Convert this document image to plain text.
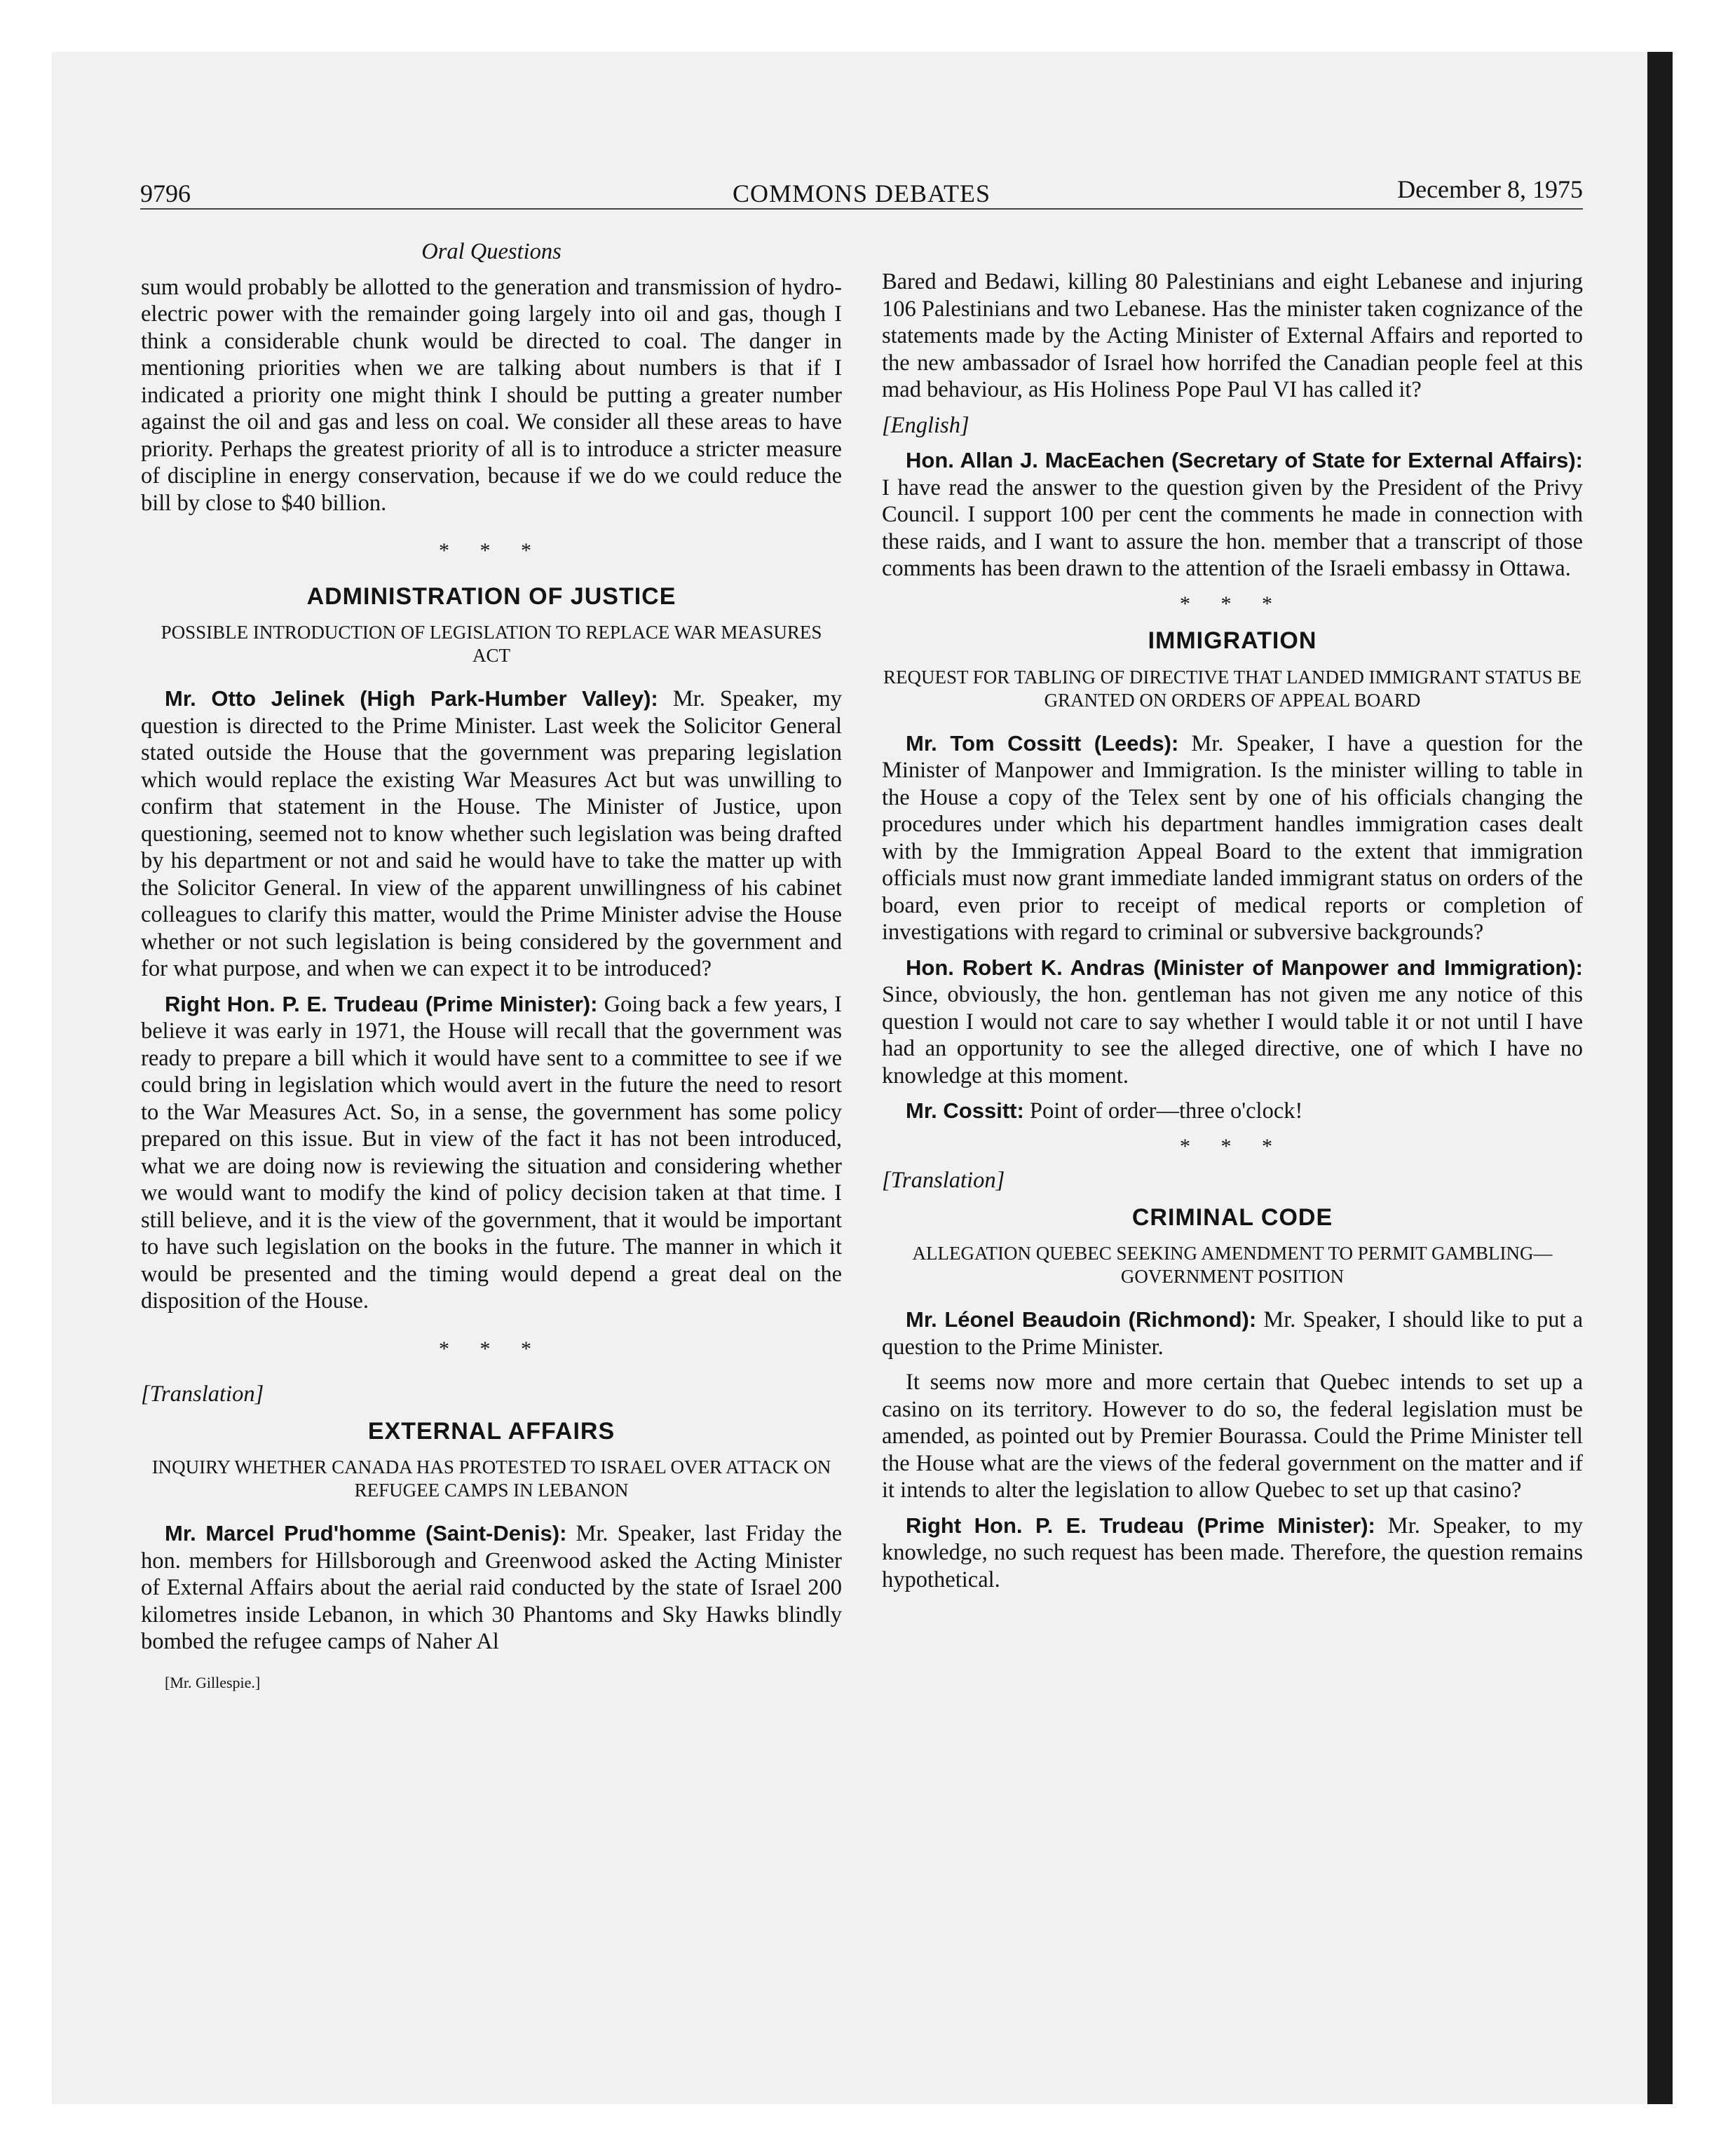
9796	COMMONS DEBATES	December 8, 1975

Oral Questions

sum would probably be allotted to the generation and transmission of hydro-electric power with the remainder going largely into oil and gas, though I think a considerable chunk would be directed to coal. The danger in mentioning priorities when we are talking about numbers is that if I indicated a priority one might think I should be putting a greater number against the oil and gas and less on coal. We consider all these areas to have priority. Perhaps the greatest priority of all is to introduce a stricter measure of discipline in energy conservation, because if we do we could reduce the bill by close to $40 billion.

* * *
ADMINISTRATION OF JUSTICE
POSSIBLE INTRODUCTION OF LEGISLATION TO REPLACE WAR MEASURES ACT

Mr. Otto Jelinek (High Park-Humber Valley): Mr. Speaker, my question is directed to the Prime Minister. Last week the Solicitor General stated outside the House that the government was preparing legislation which would replace the existing War Measures Act but was unwilling to confirm that statement in the House. The Minister of Justice, upon questioning, seemed not to know whether such legislation was being drafted by his department or not and said he would have to take the matter up with the Solicitor General. In view of the apparent unwillingness of his cabinet colleagues to clarify this matter, would the Prime Minister advise the House whether or not such legislation is being considered by the government and for what purpose, and when we can expect it to be introduced?

Right Hon. P. E. Trudeau (Prime Minister): Going back a few years, I believe it was early in 1971, the House will recall that the government was ready to prepare a bill which it would have sent to a committee to see if we could bring in legislation which would avert in the future the need to resort to the War Measures Act. So, in a sense, the government has some policy prepared on this issue. But in view of the fact it has not been introduced, what we are doing now is reviewing the situation and considering whether we would want to modify the kind of policy decision taken at that time. I still believe, and it is the view of the government, that it would be important to have such legislation on the books in the future. The manner in which it would be presented and the timing would depend a great deal on the disposition of the House.

* * *

[Translation]

EXTERNAL AFFAIRS
INQUIRY WHETHER CANADA HAS PROTESTED TO ISRAEL OVER ATTACK ON REFUGEE CAMPS IN LEBANON

Mr. Marcel Prud'homme (Saint-Denis): Mr. Speaker, last Friday the hon. members for Hillsborough and Greenwood asked the Acting Minister of External Affairs about the aerial raid conducted by the state of Israel 200 kilometres inside Lebanon, in which 30 Phantoms and Sky Hawks blindly bombed the refugee camps of Naher Al

[Mr. Gillespie.]

Bared and Bedawi, killing 80 Palestinians and eight Lebanese and injuring 106 Palestinians and two Lebanese. Has the minister taken cognizance of the statements made by the Acting Minister of External Affairs and reported to the new ambassador of Israel how horrifed the Canadian people feel at this mad behaviour, as His Holiness Pope Paul VI has called it?

[English]

Hon. Allan J. MacEachen (Secretary of State for External Affairs): I have read the answer to the question given by the President of the Privy Council. I support 100 per cent the comments he made in connection with these raids, and I want to assure the hon. member that a transcript of those comments has been drawn to the attention of the Israeli embassy in Ottawa.

* * *
IMMIGRATION
REQUEST FOR TABLING OF DIRECTIVE THAT LANDED IMMIGRANT STATUS BE GRANTED ON ORDERS OF APPEAL BOARD

Mr. Tom Cossitt (Leeds): Mr. Speaker, I have a question for the Minister of Manpower and Immigration. Is the minister willing to table in the House a copy of the Telex sent by one of his officials changing the procedures under which his department handles immigration cases dealt with by the Immigration Appeal Board to the extent that immigration officials must now grant immediate landed immigrant status on orders of the board, even prior to receipt of medical reports or completion of investigations with regard to criminal or subversive backgrounds?

Hon. Robert K. Andras (Minister of Manpower and Immigration): Since, obviously, the hon. gentleman has not given me any notice of this question I would not care to say whether I would table it or not until I have had an opportunity to see the alleged directive, one of which I have no knowledge at this moment.

Mr. Cossitt: Point of order—three o'clock!

* * *

[Translation]

CRIMINAL CODE
ALLEGATION QUEBEC SEEKING AMENDMENT TO PERMIT GAMBLING—GOVERNMENT POSITION

Mr. Léonel Beaudoin (Richmond): Mr. Speaker, I should like to put a question to the Prime Minister.

It seems now more and more certain that Quebec intends to set up a casino on its territory. However to do so, the federal legislation must be amended, as pointed out by Premier Bourassa. Could the Prime Minister tell the House what are the views of the federal government on the matter and if it intends to alter the legislation to allow Quebec to set up that casino?

Right Hon. P. E. Trudeau (Prime Minister): Mr. Speaker, to my knowledge, no such request has been made. Therefore, the question remains hypothetical.
